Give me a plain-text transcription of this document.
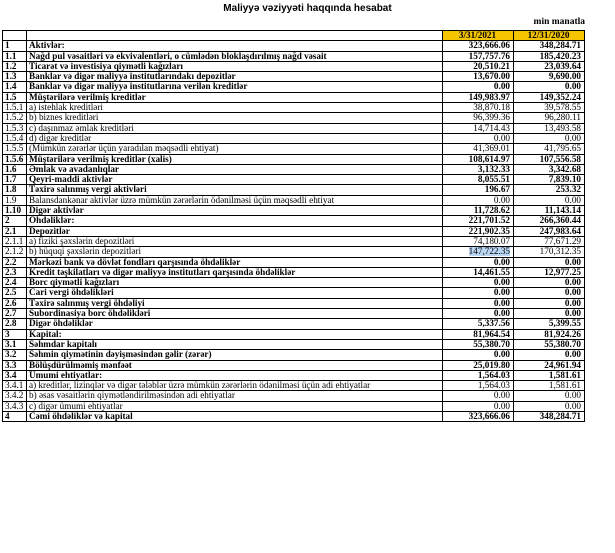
Maliyyə vəziyyəti haqqında hesabat
min manatla
		3/31/2021	12/31/2020
1	Aktivlər:	323,666.06	348,284.71
1.1	Nağd pul vəsaitləri və ekvivalentləri, o cümlədən bloklaşdırılmış nağd vəsait	157,757.76	185,420.23
1.2	Ticarət və investisiya qiymətli kağızları	20,510.21	23,039.64
1.3	Banklar və digər maliyyə institutlarındakı depozitlər	13,670.00	9,690.00
1.4	Banklar və digər maliyyə institutlarına verilən kreditlər	0.00	0.00
1.5	Müştərilərə verilmiş kreditlər	149,983.97	149,352.24
1.5.1	a) istehlak kreditləri	38,870.18	39,578.55
1.5.2	b) biznes kreditləri	96,399.36	96,280.11
1.5.3	c) daşınmaz əmlak kreditləri	14,714.43	13,493.58
1.5.4	d) digər kreditlər	0.00	0.00
1.5.5	(Mümkün zərərlər üçün yaradılan məqsədli ehtiyat)	41,369.01	41,795.65
1.5.6	Müştərilərə verilmiş kreditlər (xalis)	108,614.97	107,556.58
1.6	Əmlak və avadanlıqlar	3,132.33	3,342.68
1.7	Qeyri-maddi aktivlər	8,055.51	7,839.10
1.8	Təxirə salınmış vergi aktivləri	196.67	253.32
1.9	Balansdankənar aktivlər üzrə mümkün zərərlərin ödənilməsi üçün məqsədli ehtiyat	0.00	0.00
1.10	Digər aktivlər	11,728.62	11,143.14
2	Öhdəliklər:	221,701.52	266,360.44
2.1	Depozitlər	221,902.35	247,983.64
2.1.1	a) fiziki şəxslərin depozitləri	74,180.07	77,671.29
2.1.2	b) hüquqi şəxslərin depozitləri	147,722.35	170,312.35
2.2	Mərkəzi bank və dövlət fondları qarşısında öhdəliklər	0.00	0.00
2.3	Kredit təşkilatları və digər maliyyə institutları qarşısında öhdəliklər	14,461.55	12,977.25
2.4	Borc qiymətli kağızları	0.00	0.00
2.5	Cari vergi öhdəlikləri	0.00	0.00
2.6	Təxirə salınmış vergi öhdəliyi	0.00	0.00
2.7	Subordinasiya borc öhdəlikləri	0.00	0.00
2.8	Digər öhdəliklər	5,337.56	5,399.55
3	Kapital:	81,964.54	81,924.26
3.1	Səhmdar kapitalı	55,380.70	55,380.70
3.2	Səhmin qiymətinin dəyişməsindən gəlir (zərər)	0.00	0.00
3.3	Bölüşdürülməmiş mənfəət	25,019.80	24,961.94
3.4	Ümumi ehtiyatlar:	1,564.03	1,581.61
3.4.1	a) kreditlər, lizinqlər və digər tələblər üzrə mümkün zərərlərin ödənilməsi üçün adi ehtiyatlar	1,564.03	1,581.61
3.4.2	b) əsas vəsaitlərin qiymətləndirilməsindən adi ehtiyatlar	0.00	0.00
3.4.3	c) digər ümumi ehtiyatlar	0.00	0.00
4	Cəmi öhdəliklər və kapital	323,666.06	348,284.71
